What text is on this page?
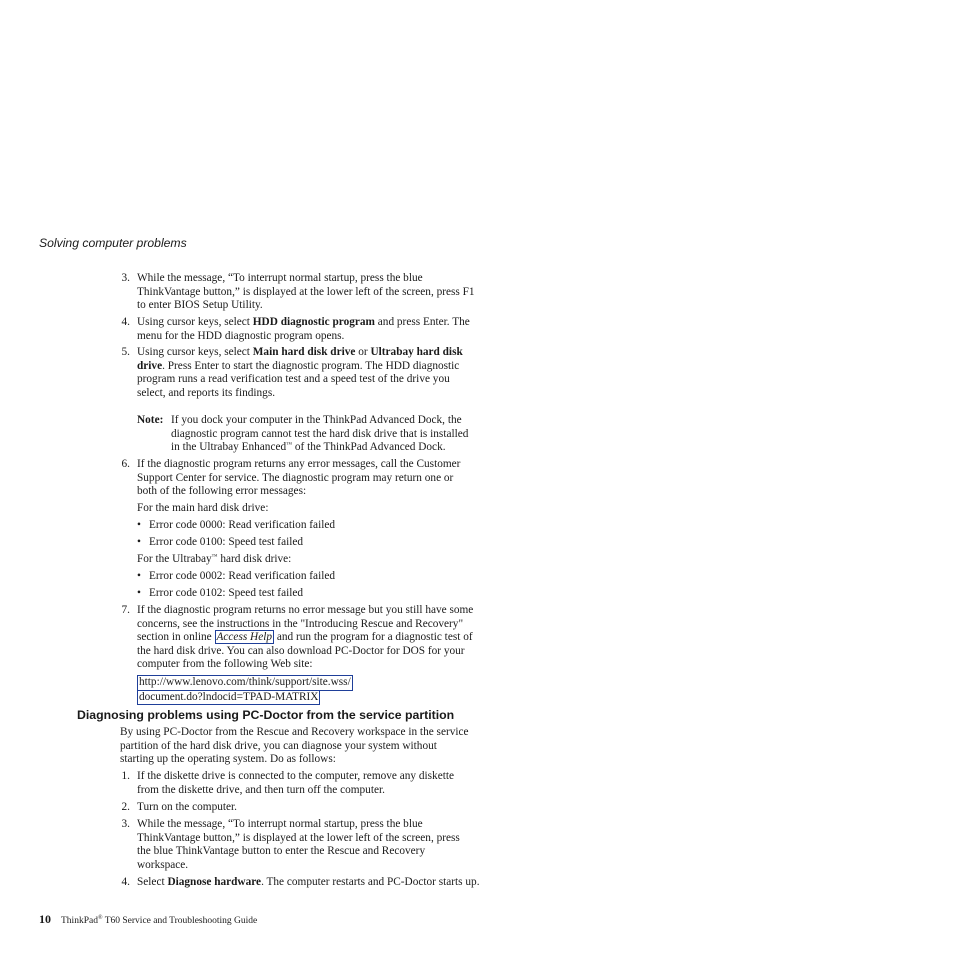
Solving computer problems
3. While the message, “To interrupt normal startup, press the blue
ThinkVantage button,” is displayed at the lower left of the screen, press F1
to enter BIOS Setup Utility.
4. Using cursor keys, select HDD diagnostic program and press Enter. The
menu for the HDD diagnostic program opens.
5. Using cursor keys, select Main hard disk drive or Ultrabay hard disk
drive. Press Enter to start the diagnostic program. The HDD diagnostic
program runs a read verification test and a speed test of the drive you
select, and reports its findings.
Note: If you dock your computer in the ThinkPad Advanced Dock, the
diagnostic program cannot test the hard disk drive that is installed
in the Ultrabay Enhanced™ of the ThinkPad Advanced Dock.
6. If the diagnostic program returns any error messages, call the Customer
Support Center for service. The diagnostic program may return one or
both of the following error messages:
For the main hard disk drive:
• Error code 0000: Read verification failed
• Error code 0100: Speed test failed
For the Ultrabay™ hard disk drive:
• Error code 0002: Read verification failed
• Error code 0102: Speed test failed
7. If the diagnostic program returns no error message but you still have some
concerns, see the instructions in the "Introducing Rescue and Recovery"
section in online Access Help and run the program for a diagnostic test of
the hard disk drive. You can also download PC-Doctor for DOS for your
computer from the following Web site:
http://www.lenovo.com/think/support/site.wss/
document.do?lndocid=TPAD-MATRIX
Diagnosing problems using PC-Doctor from the service partition
By using PC-Doctor from the Rescue and Recovery workspace in the service
partition of the hard disk drive, you can diagnose your system without
starting up the operating system. Do as follows:
1. If the diskette drive is connected to the computer, remove any diskette
from the diskette drive, and then turn off the computer.
2. Turn on the computer.
3. While the message, “To interrupt normal startup, press the blue
ThinkVantage button,” is displayed at the lower left of the screen, press
the blue ThinkVantage button to enter the Rescue and Recovery
workspace.
4. Select Diagnose hardware. The computer restarts and PC-Doctor starts up.
10 ThinkPad® T60 Service and Troubleshooting Guide
